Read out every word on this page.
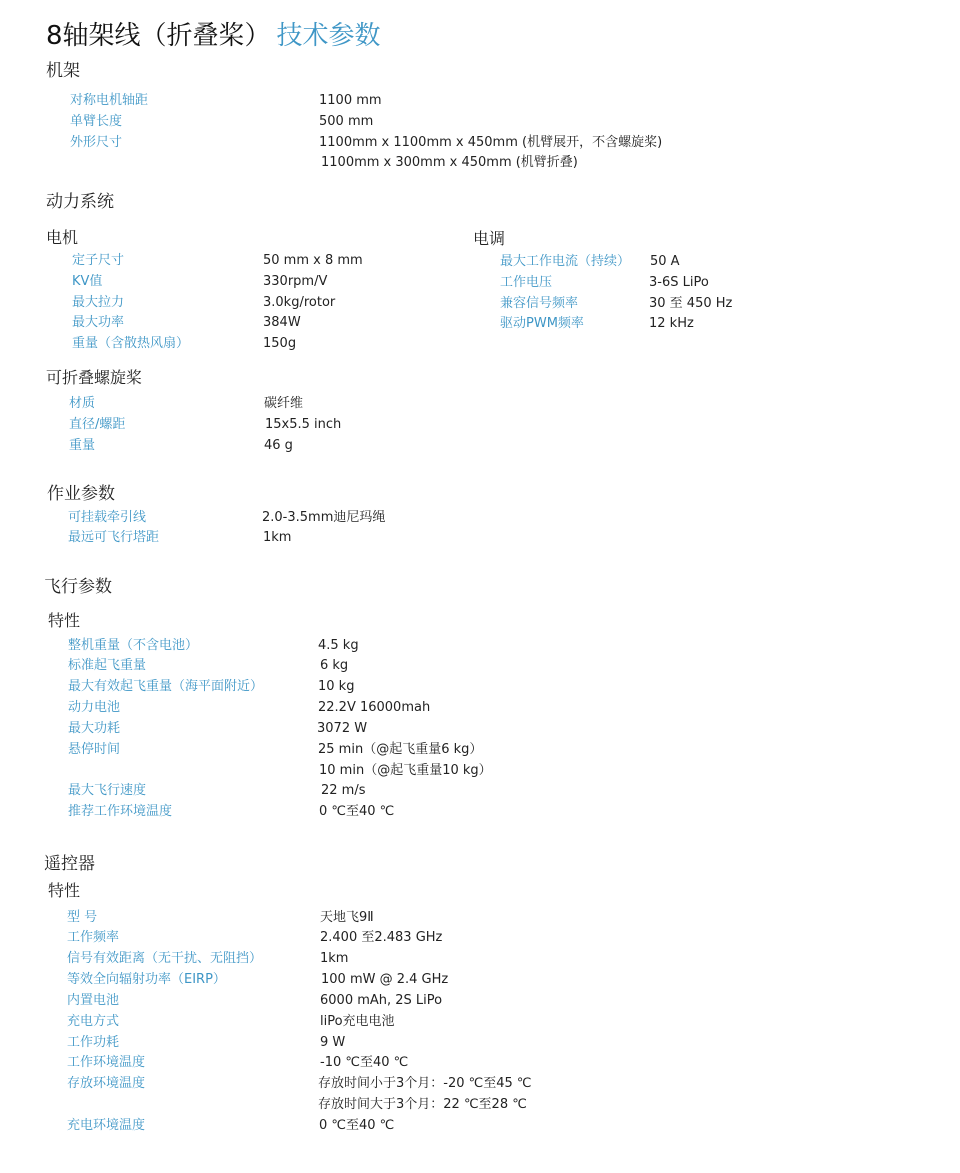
8轴架线（折叠桨） 技术参数
机架
对称电机轴距	1100 mm
单臂长度	500 mm
外形尺寸	1100mm x 1100mm x 450mm (机臂展开，不含螺旋桨)
1100mm x 300mm x 450mm (机臂折叠)
动力系统
电机
定子尺寸	50 mm x 8 mm
KV值	330rpm/V
最大拉力	3.0kg/rotor
最大功率	384W
重量（含散热风扇）	150g
电调
最大工作电流（持续） 50 A
工作电压	3-6S LiPo
兼容信号频率	30 至 450 Hz
驱动PWM频率	12 kHz
可折叠螺旋桨
材质	碳纤维
直径/螺距	15x5.5 inch
重量	46 g
作业参数
可挂载牵引线	2.0-3.5mm迪尼玛绳
最远可飞行塔距	1km
飞行参数
特性
整机重量（不含电池）	4.5 kg
标准起飞重量	6 kg
最大有效起飞重量（海平面附近）	10 kg
动力电池	22.2V 16000mah
最大功耗	3072 W
悬停时间	25 min（@起飞重量6 kg）
10 min（@起飞重量10 kg）
最大飞行速度	22 m/s
推荐工作环境温度	0 ℃至40 ℃
遥控器
特性
型 号	天地飞9Ⅱ
工作频率	2.400 至2.483 GHz
信号有效距离（无干扰、无阻挡）	1km
等效全向辐射功率（EIRP）	100 mW @ 2.4 GHz
内置电池	6000 mAh, 2S LiPo
充电方式	liPo充电电池
工作功耗	9 W
工作环境温度	-10 ℃至40 ℃
存放环境温度	存放时间小于3个月：-20 ℃至45 ℃
存放时间大于3个月：22 ℃至28 ℃
充电环境温度	0 ℃至40 ℃
